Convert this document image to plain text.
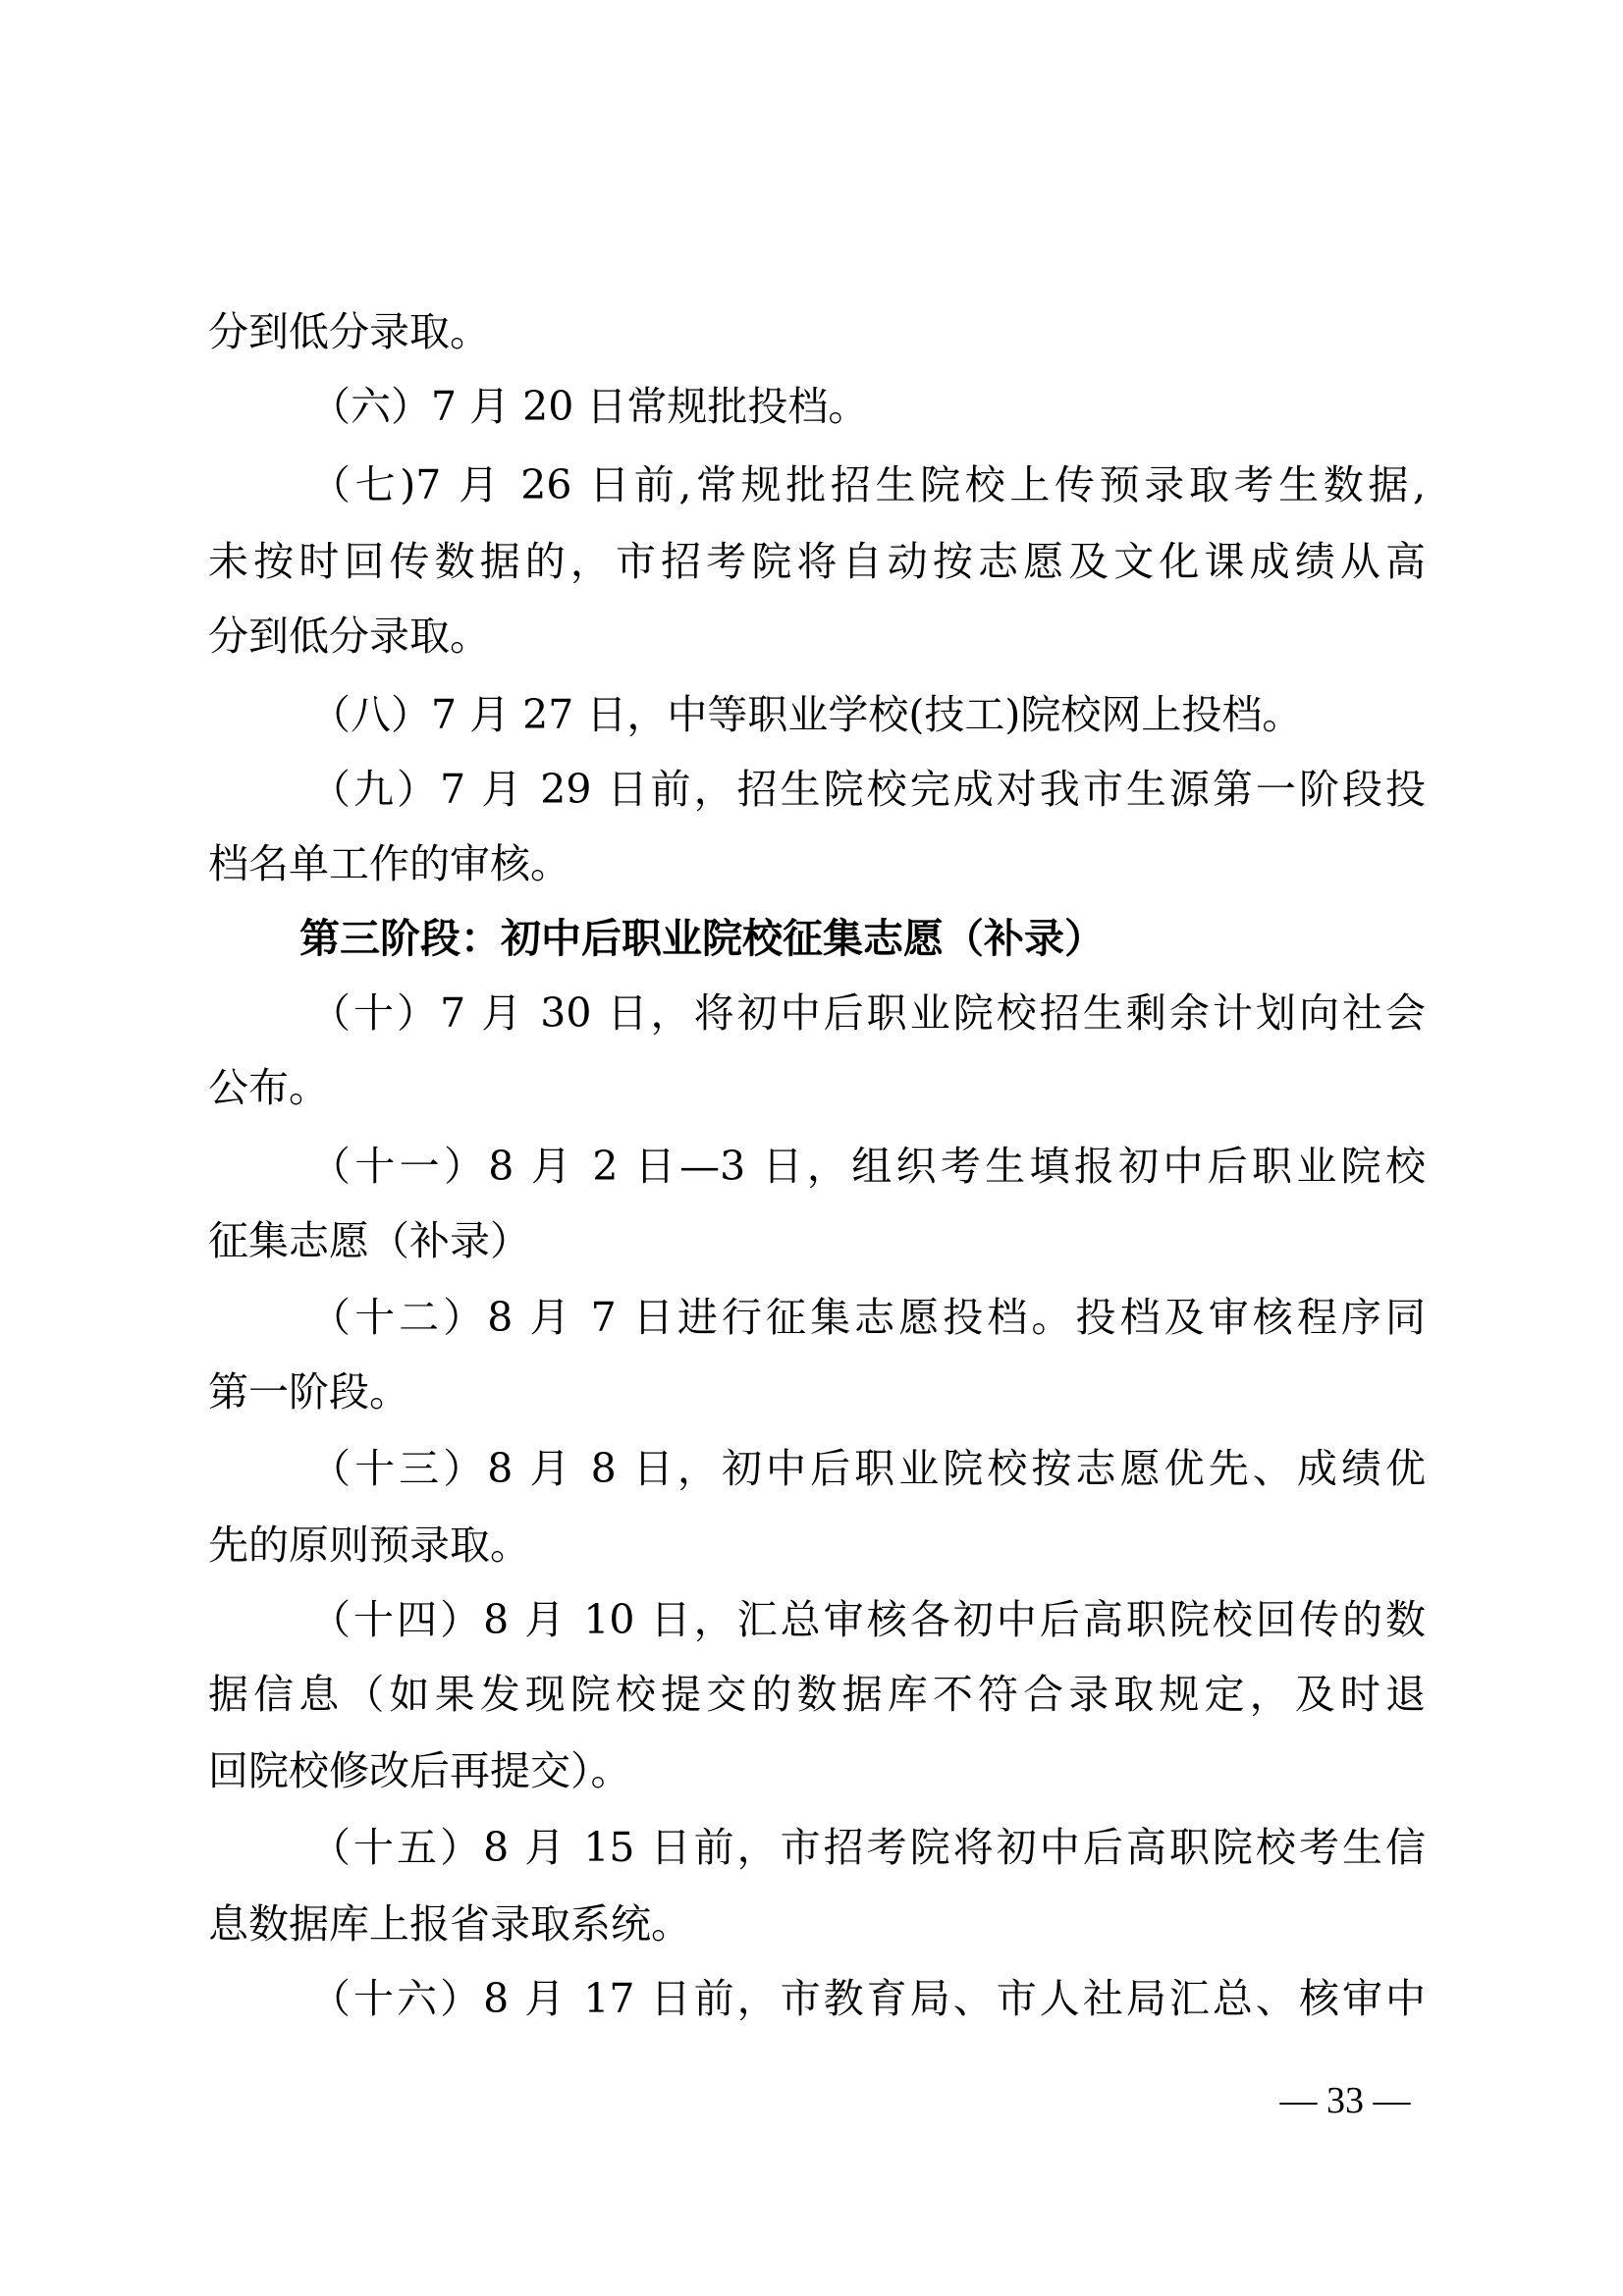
分到低分录取。
（六）7 月 20 日常规批投档。
（七)7 月 26 日前,常规批招生院校上传预录取考生数据,
未按时回传数据的，市招考院将自动按志愿及文化课成绩从高
分到低分录取。
（八）7 月 27 日，中等职业学校(技工)院校网上投档。
（九）7 月 29 日前，招生院校完成对我市生源第一阶段投
档名单工作的审核。
第三阶段：初中后职业院校征集志愿（补录）
（十）7 月 30 日，将初中后职业院校招生剩余计划向社会
公布。
（十一）8 月 2 日—3 日，组织考生填报初中后职业院校
征集志愿（补录）
（十二）8 月 7 日进行征集志愿投档。投档及审核程序同
第一阶段。
（十三）8 月 8 日，初中后职业院校按志愿优先、成绩优
先的原则预录取。
（十四）8 月 10 日，汇总审核各初中后高职院校回传的数
据信息（如果发现院校提交的数据库不符合录取规定，及时退
回院校修改后再提交）。
（十五）8 月 15 日前，市招考院将初中后高职院校考生信
息数据库上报省录取系统。
（十六）8 月 17 日前，市教育局、市人社局汇总、核审中
— 33 —
